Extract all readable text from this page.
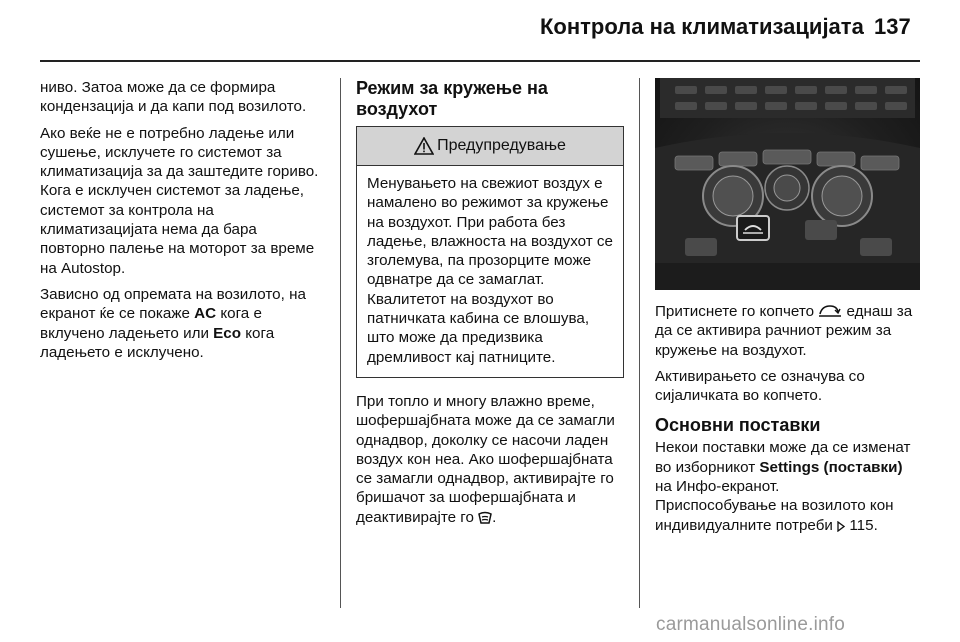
Контрола на климатизацијата 137

ниво. Затоа може да се формира кондензација и да капи под возилото.

Ако веќе не е потребно ладење или сушење, исклучете го системот за климатизација за да заштедите гориво. Кога е исклучен системот за ладење, системот за контрола на климатизацијата нема да бара повторно палење на моторот за време на Autostop.

Зависно од опремата на возилото, на екранот ќе се покаже AC кога е вклучено ладењето или Eco кога ладењето е исклучено.

Режим за кружење на воздухот
Предупредување
Менувањето на свежиот воздух е намалено во режимот за кружење на воздухот. При работа без ладење, влажноста на воздухот се зголемува, па прозорците може одвнатре да се замаглат. Квалитетот на воздухот во патничката кабина се влошува, што може да предизвика дремливост кај патниците.

При топло и многу влажно време, шофершајбната може да се замагли однадвор, доколку се насочи ладен воздух кон неа. Ако шофершајбната се замагли однадвор, активирајте го бришачот за шофершајбната и деактивирајте го .

Притиснете го копчето  еднаш за да се активира рачниот режим за кружење на воздухот.

Активирањето се означува со сијаличката во копчето.

Основни поставки

Некои поставки може да се изменат во изборникот Settings (поставки) на Инфо-екранот.

Приспособување на возилото кон индивидуалните потреби  115.

carmanualsonline.info
